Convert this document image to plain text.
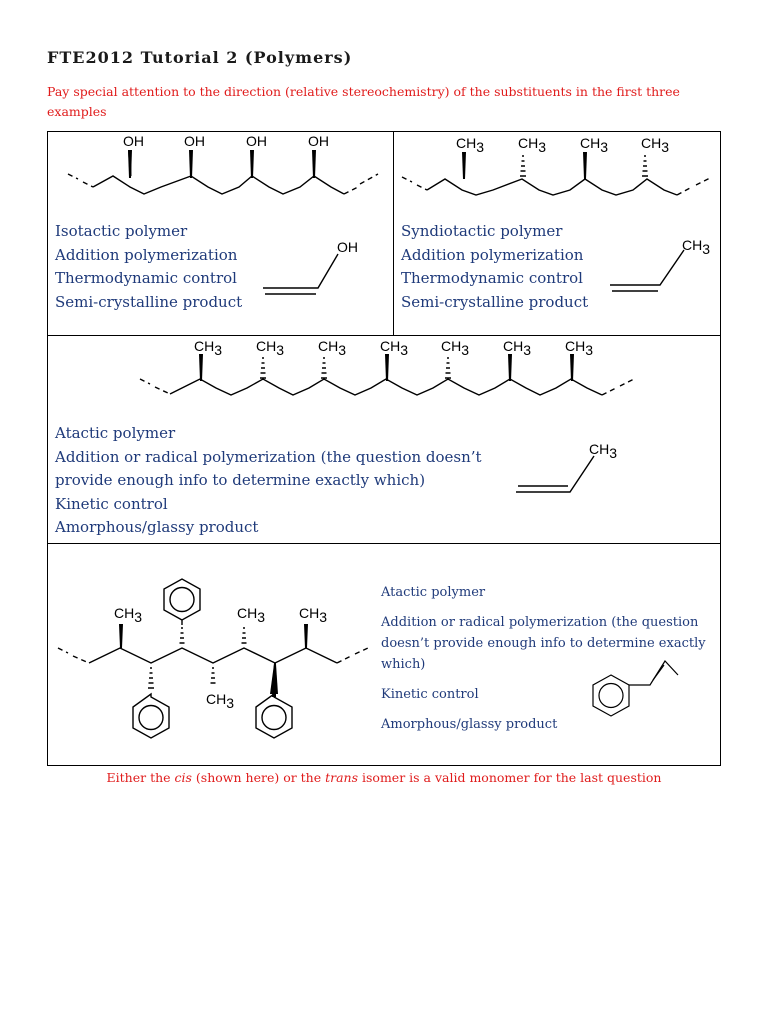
FTE2012 Tutorial 2 (Polymers)

Pay special attention to the direction (relative stereochemistry) of the substituents in the first three examples

OH	OH	OH	OH
OH
Isotactic polymer
Addition polymerization
Thermodynamic control
Semi-crystalline product
CH3 CH3 CH3 CH3
CH3
Syndiotactic polymer
Addition polymerization
Thermodynamic control
Semi-crystalline product
CH3 CH3 CH3 CH3 CH3 CH3 CH3
CH3
Atactic polymer
Addition or radical polymerization (the question doesn’t
provide enough info to determine exactly which)
Kinetic control
Amorphous/glassy product
CH3	CH3 CH3
CH3
Atactic polymer
Addition or radical polymerization (the question
doesn’t provide enough info to determine exactly
which)
Kinetic control
Amorphous/glassy product

Either the cis (shown here) or the trans isomer is a valid monomer for the last question
